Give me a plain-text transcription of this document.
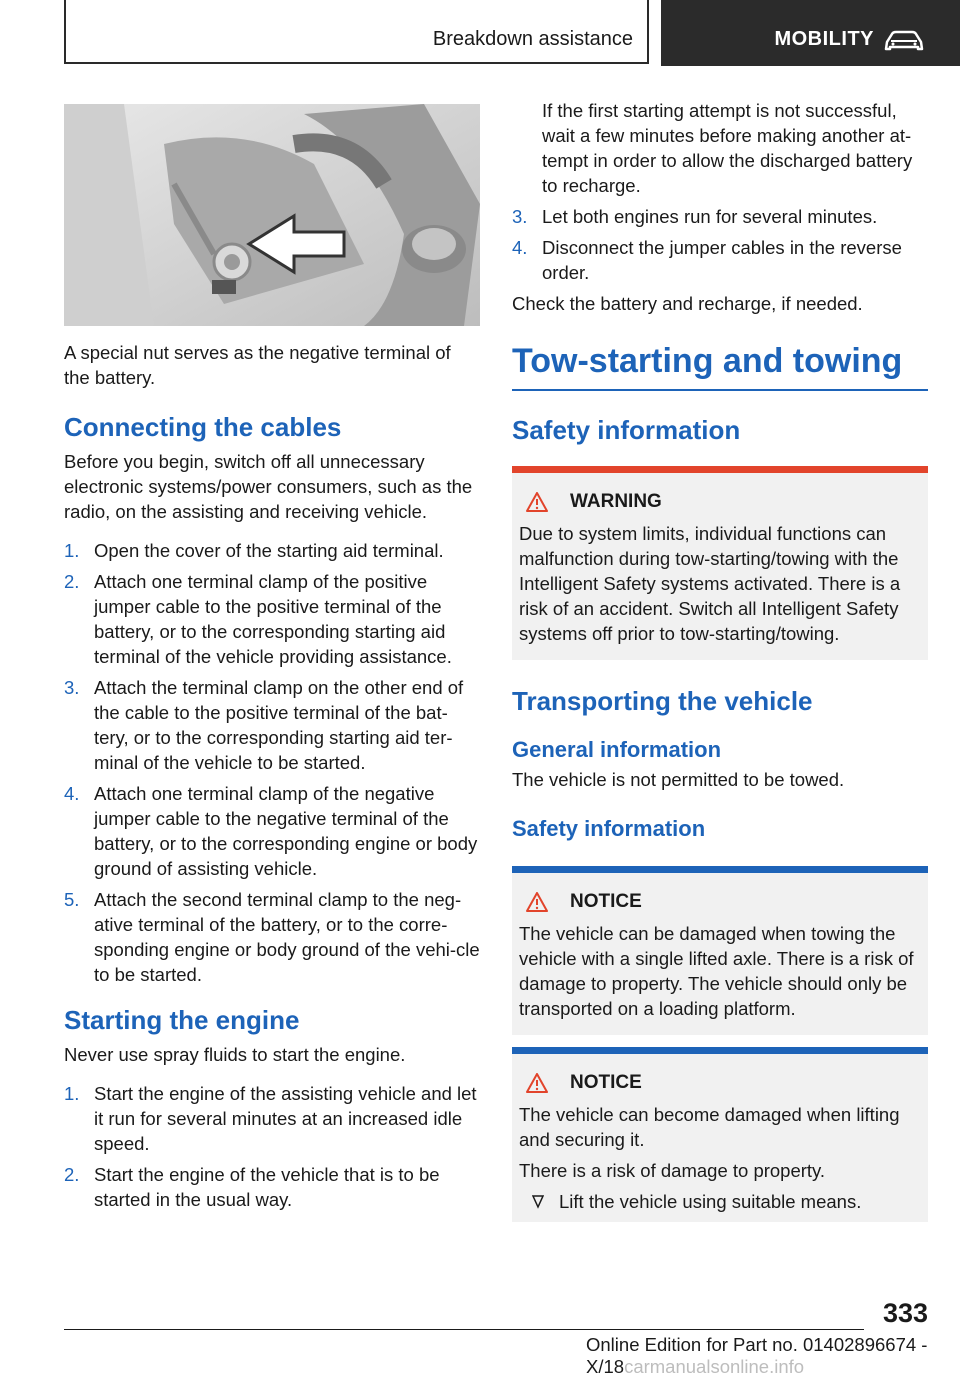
Breakdown assistance	MOBILITY

A special nut serves as the negative terminal of the battery.

Connecting the cables

Before you begin, switch off all unnecessary electronic systems/power consumers, such as the radio, on the assisting and receiving vehicle.

1. Open the cover of the starting aid terminal.
2. Attach one terminal clamp of the positive jumper cable to the positive terminal of the battery, or to the corresponding starting aid terminal of the vehicle providing assistance.
3. Attach the terminal clamp on the other end of the cable to the positive terminal of the bat-tery, or to the corresponding starting aid ter-minal of the vehicle to be started.
4. Attach one terminal clamp of the negative jumper cable to the negative terminal of the battery, or to the corresponding engine or body ground of assisting vehicle.
5. Attach the second terminal clamp to the neg-ative terminal of the battery, or to the corre-sponding engine or body ground of the vehi-cle to be started.
Starting the engine

Never use spray fluids to start the engine.

1. Start the engine of the assisting vehicle and let it run for several minutes at an increased idle speed.
2. Start the engine of the vehicle that is to be started in the usual way.

If the first starting attempt is not successful, wait a few minutes before making another at-tempt in order to allow the discharged battery to recharge.

3. Let both engines run for several minutes.
4. Disconnect the jumper cables in the reverse order.

Check the battery and recharge, if needed.

Tow-starting and towing
Safety information
WARNING

Due to system limits, individual functions can malfunction during tow-starting/towing with the Intelligent Safety systems activated. There is a risk of an accident. Switch all Intelligent Safety systems off prior to tow-starting/towing.

Transporting the vehicle
General information

The vehicle is not permitted to be towed.

Safety information
NOTICE

The vehicle can be damaged when towing the vehicle with a single lifted axle. There is a risk of damage to property. The vehicle should only be transported on a loading platform.

NOTICE

The vehicle can become damaged when lifting and securing it.

There is a risk of damage to property.

Lift the vehicle using suitable means.
333
Online Edition for Part no. 01402896674 - X/18carmanualsonline.info
